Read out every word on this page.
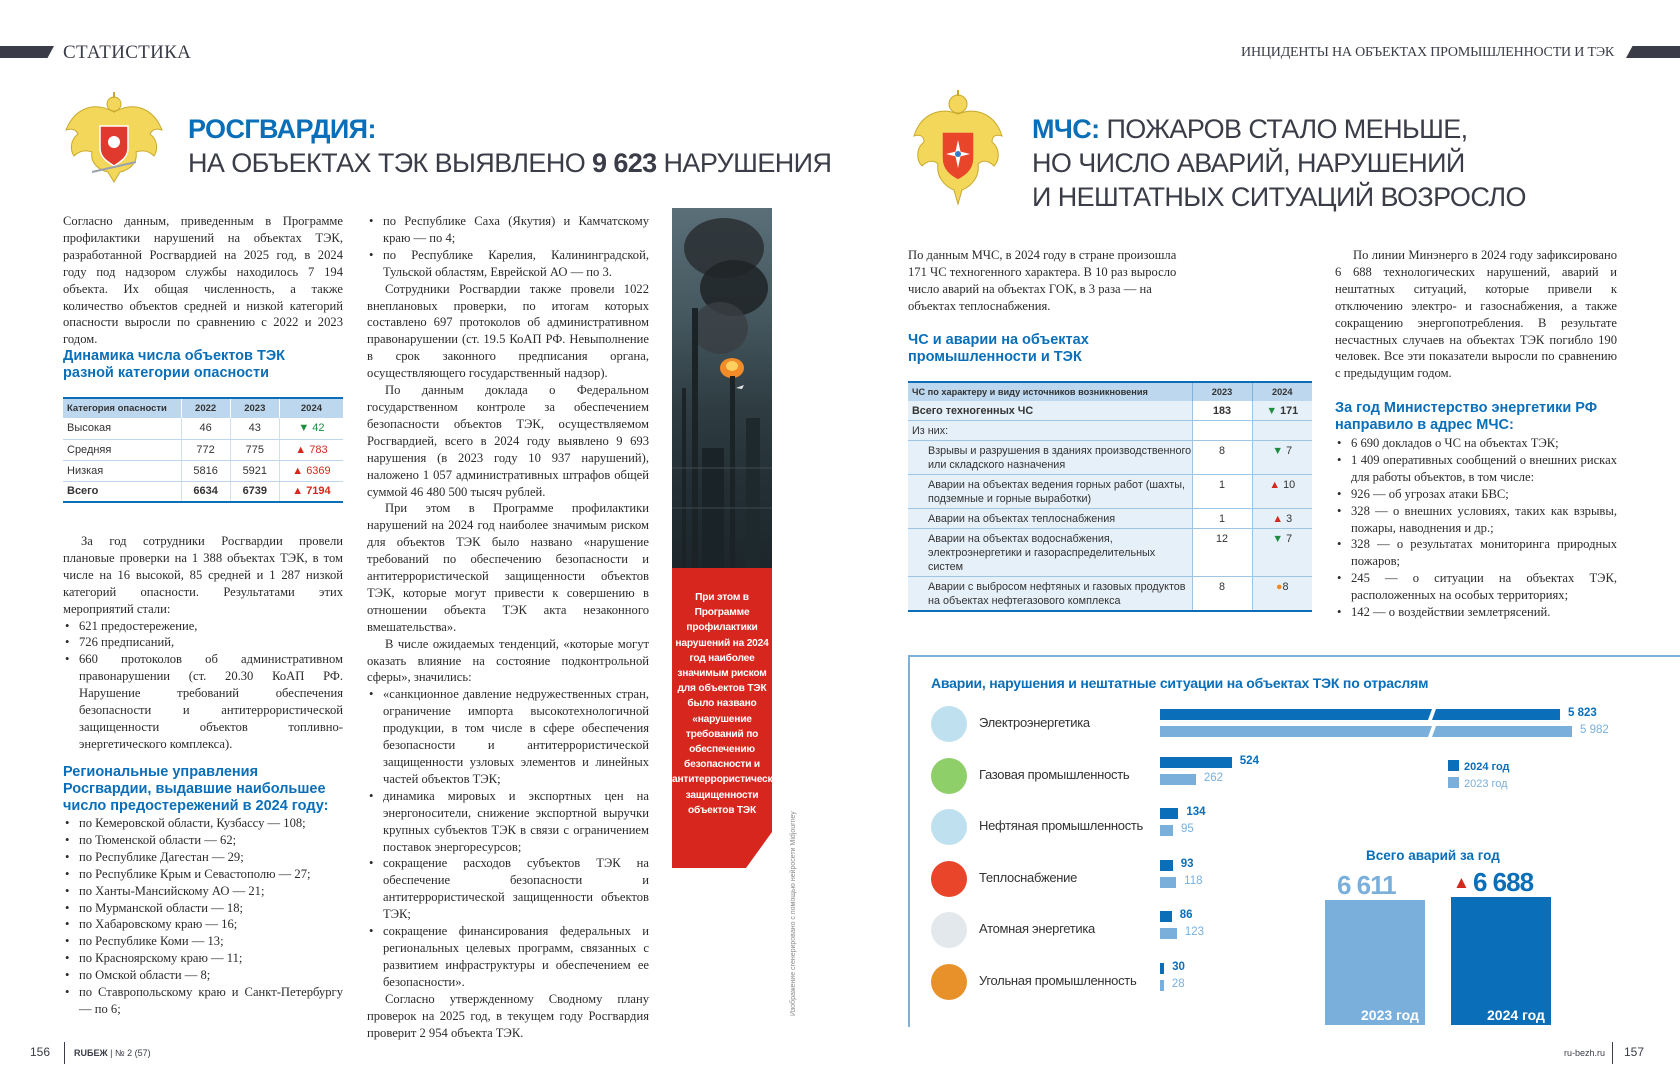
СТАТИСТИКА	ИНЦИДЕНТЫ НА ОБЪЕКТАХ ПРОМЫШЛЕННОСТИ И ТЭК
РОСГВАРДИЯ:
НА ОБЪЕКТАХ ТЭК ВЫЯВЛЕНО 9 623 НАРУШЕНИЯ

Согласно данным, приведенным в Программе профилактики нарушений на объектах ТЭК, разработанной Росгвардией на 2025 год, в 2024 году под надзором службы находилось 7 194 объекта. Их общая численность, а также количество объектов средней и низкой категорий опасности выросли по сравнению с 2022 и 2023 годом.

Динамика числа объектов ТЭК разной категории опасности
Категория опасности	2022	2023	2024
Высокая	46	43	▼ 42
Средняя	772	775	▲ 783
Низкая	5816	5921	▲ 6369
Всего	6634	6739	▲ 7194

За год сотрудники Росгвардии провели плановые проверки на 1 388 объектах ТЭК, в том числе на 16 высокой, 85 средней и 1 287 низкой категорий опасности. Результатами этих мероприятий стали:

• 621 предостережение,
• 726 предписаний,
• 660 протоколов об административном правонарушении (ст. 20.30 КоАП РФ. Нарушение требований обеспечения безопасности и антитеррористической защищенности объектов топливно-энергетического комплекса).
Региональные управления Росгвардии, выдавшие наибольшее число предостережений в 2024 году:
• по Кемеровской области, Кузбассу — 108;
• по Тюменской области — 62;
• по Республике Дагестан — 29;
• по Республике Крым и Севастополю — 27;
• по Ханты-Мансийскому АО — 21;
• по Мурманской области — 18;
• по Хабаровскому краю — 16;
• по Республике Коми — 13;
• по Красноярскому краю — 11;
• по Омской области — 8;
• по Ставропольскому краю и Санкт-Петербургу — по 6;
• по Республике Саха (Якутия) и Камчатскому краю — по 4;
• по Республике Карелия, Калининградской, Тульской областям, Еврейской АО — по 3.

Сотрудники Росгвардии также провели 1022 внеплановых проверки, по итогам которых составлено 697 протоколов об административном правонарушении (ст. 19.5 КоАП РФ. Невыполнение в срок законного предписания органа, осуществляющего государственный надзор).

По данным доклада о Федеральном государственном контроле за обеспечением безопасности объектов ТЭК, осуществляемом Росгвардией, всего в 2024 году выявлено 9 693 нарушения (в 2023 году 10 937 нарушений), наложено 1 057 административных штрафов общей суммой 46 480 500 тысяч рублей.

При этом в Программе профилактики нарушений на 2024 год наиболее значимым риском для объектов ТЭК было названо «нарушение требований по обеспечению безопасности и антитеррористической защищенности объектов ТЭК, которые могут привести к совершению в отношении объекта ТЭК акта незаконного вмешательства».

В числе ожидаемых тенденций, «которые могут оказать влияние на состояние подконтрольной сферы», значились:

• «санкционное давление недружественных стран, ограничение импорта высокотехнологичной продукции, в том числе в сфере обеспечения безопасности и антитеррористической защищенности узловых элементов и линейных частей объектов ТЭК;
• динамика мировых и экспортных цен на энергоносители, снижение экспортной выручки крупных субъектов ТЭК в связи с ограничением поставок энергоресурсов;
• сокращение расходов субъектов ТЭК на обеспечение безопасности и антитеррористической защищенности объектов ТЭК;
• сокращение финансирования федеральных и региональных целевых программ, связанных с развитием инфраструктуры и обеспечением ее безопасности».

Согласно утвержденному Сводному плану проверок на 2025 год, в текущем году Росгвардия проверит 2 954 объекта ТЭК.

При этом в Программе профилактики нарушений на 2024 год наиболее значимым риском для объектов ТЭК было названо «нарушение требований по обеспечению безопасности и антитеррористической защищенности объектов ТЭК
Изображение сгенерировано с помощью нейросети Midjourney
МЧС: ПОЖАРОВ СТАЛО МЕНЬШЕ,
НО ЧИСЛО АВАРИЙ, НАРУШЕНИЙ
И НЕШТАТНЫХ СИТУАЦИЙ ВОЗРОСЛО

По данным МЧС, в 2024 году в стране произошла 171 ЧС техногенного характера. В 10 раз выросло число аварий на объектах ГОК, в 3 раза — на объектах теплоснабжения.

ЧС и аварии на объектах промышленности и ТЭК
ЧС по характеру и виду источников возникновения	2023	2024
Всего техногенных ЧС	183	▼ 171
Из них:		
Взрывы и разрушения в зданиях производственного или складского назначения	8	▼ 7
Аварии на объектах ведения горных работ (шахты, подземные и горные выработки)	1	▲ 10
Аварии на объектах теплоснабжения	1	▲ 3
Аварии на объектах водоснабжения, электроэнергетики и газораспределительных систем	12	▼ 7
Аварии с выбросом нефтяных и газовых продуктов на объектах нефтегазового комплекса	8	●8

По линии Минэнерго в 2024 году зафиксировано 6 688 технологических нарушений, аварий и нештатных ситуаций, которые привели к отключению электро- и газоснабжения, а также сокращению энергопотребления. В результате несчастных случаев на объектах ТЭК погибло 190 человек. Все эти показатели выросли по сравнению с предыдущим годом.

За год Министерство энергетики РФ направило в адрес МЧС:
• 6 690 докладов о ЧС на объектах ТЭК;
• 1 409 оперативных сообщений о внешних рисках для работы объектов, в том числе:
• 926 — об угрозах атаки БВС;
• 328 — о внешних условиях, таких как взрывы, пожары, наводнения и др.;
• 328 — о результатах мониторинга природных пожаров;
• 245 — о ситуации на объектах ТЭК, расположенных на особых территориях;
• 142 — о воздействии землетрясений.
Аварии, нарушения и нештатные ситуации на объектах ТЭК по отраслям
Электроэнергетика
5 823
5 982
Газовая промышленность
524
262
Нефтяная промышленность
134
95
Теплоснабжение
93
118
Атомная энергетика
86
123
Угольная промышленность
30
28
2024 год
2023 год
Всего аварий за год
6 611
2023 год
6 688
▲
2024 год
156	RUБЕЖ | № 2 (57)	ru-bezh.ru 157
